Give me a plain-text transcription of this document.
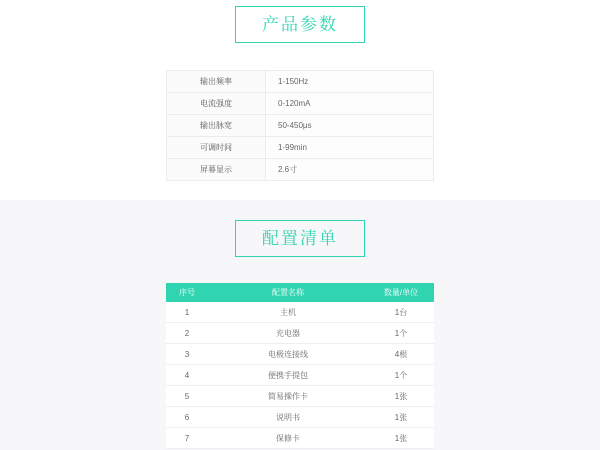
产品参数
输出频率	1-150Hz
电流强度	0-120mA
输出脉宽	50-450μs
可调时间	1-99min
屏幕显示	2.6寸
配置清单
序号	配置名称	数量/单位
1	主机	1台
2	充电器	1个
3	电极连接线	4根
4	便携手提包	1个
5	简易操作卡	1张
6	说明书	1张
7	保修卡	1张
